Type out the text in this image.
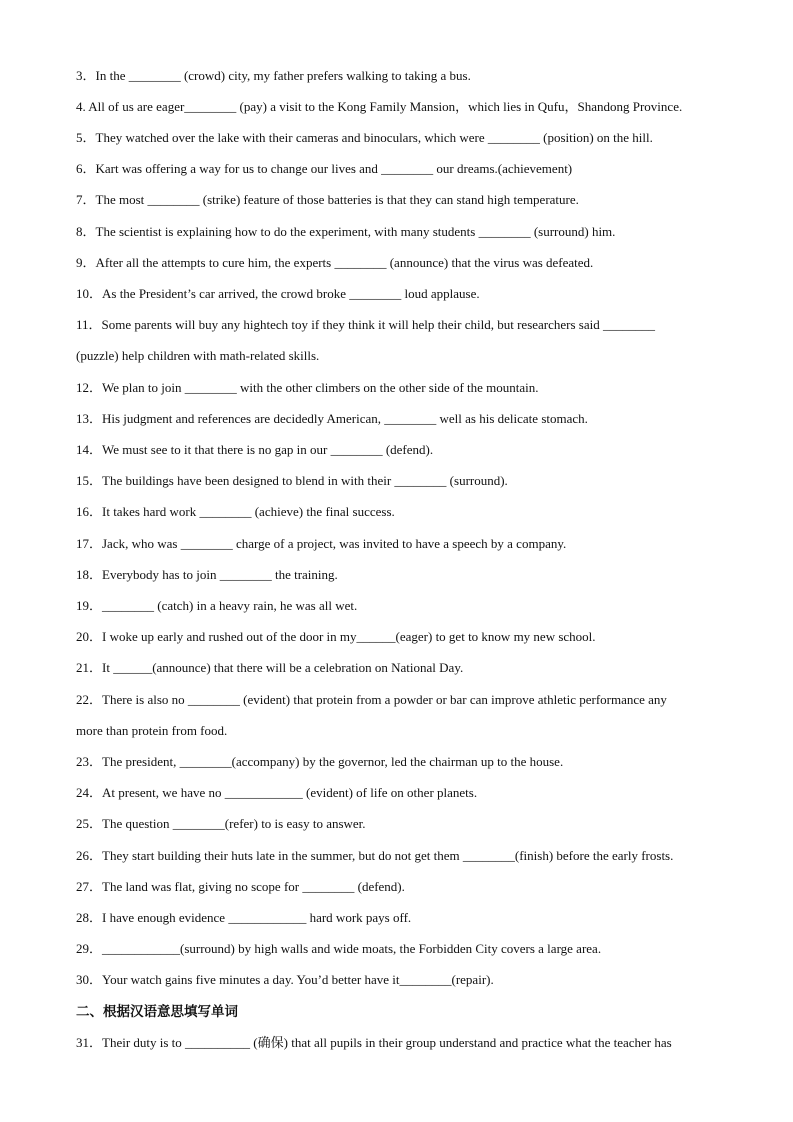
3．In the ________ (crowd) city, my father prefers walking to taking a bus.
4. All of us are eager________ (pay) a visit to the Kong Family Mansion，which lies in Qufu，Shandong Province.
5．They watched over the lake with their cameras and binoculars, which were ________ (position) on the hill.
6．Kart was offering a way for us to change our lives and ________ our dreams.(achievement)
7．The most ________ (strike) feature of those batteries is that they can stand high temperature.
8．The scientist is explaining how to do the experiment, with many students ________ (surround) him.
9．After all the attempts to cure him, the experts ________ (announce) that the virus was defeated.
10．As the President’s car arrived, the crowd broke ________ loud applause.
11．Some parents will buy any hightech toy if they think it will help their child, but researchers said ________
(puzzle) help children with math-related skills.
12．We plan to join ________ with the other climbers on the other side of the mountain.
13．His judgment and references are decidedly American, ________ well as his delicate stomach.
14．We must see to it that there is no gap in our ________ (defend).
15．The buildings have been designed to blend in with their ________ (surround).
16．It takes hard work ________ (achieve) the final success.
17．Jack, who was ________ charge of a project, was invited to have a speech by a company.
18．Everybody has to join ________ the training.
19．________ (catch) in a heavy rain, he was all wet.
20．I woke up early and rushed out of the door in my______(eager) to get to know my new school.
21．It ______(announce) that there will be a celebration on National Day.
22．There is also no ________ (evident) that protein from a powder or bar can improve athletic performance any
more than protein from food.
23．The president, ________(accompany) by the governor, led the chairman up to the house.
24．At present, we have no ____________ (evident) of life on other planets.
25．The question ________(refer) to is easy to answer.
26．They start building their huts late in the summer, but do not get them ________(finish) before the early frosts.
27．The land was flat, giving no scope for ________ (defend).
28．I have enough evidence ____________ hard work pays off.
29．____________(surround) by high walls and wide moats, the Forbidden City covers a large area.
30．Your watch gains five minutes a day. You’d better have it________(repair).
二、根据汉语意思填写单词
31．Their duty is to __________ (确保) that all pupils in their group understand and practice what the teacher has
